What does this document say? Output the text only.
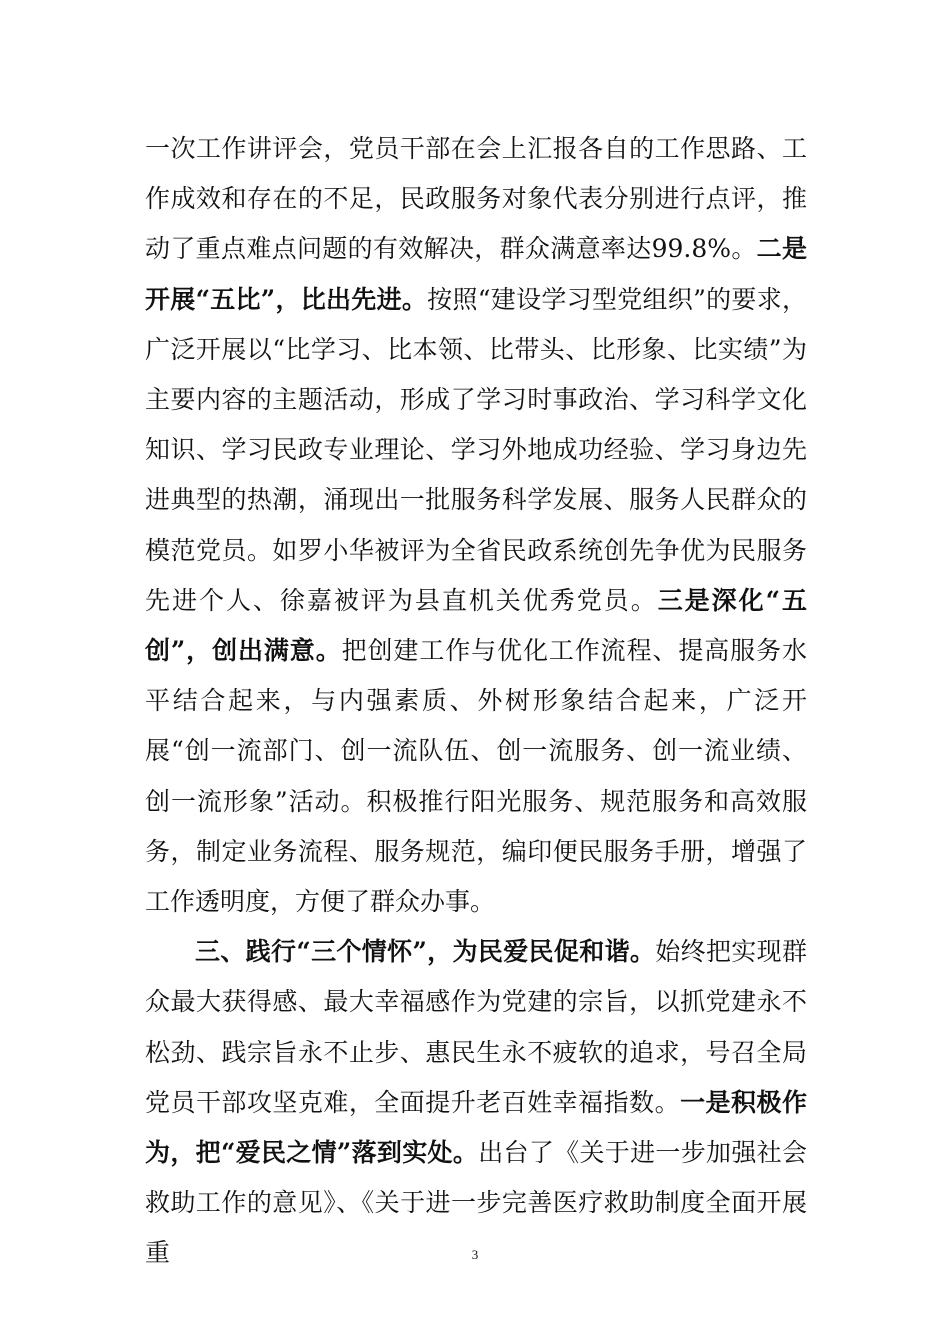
一次工作讲评会，党员干部在会上汇报各自的工作思路、工作成效和存在的不足，民政服务对象代表分别进行点评，推动了重点难点问题的有效解决，群众满意率达99.8%。二是开展“五比”，比出先进。按照“建设学习型党组织”的要求，广泛开展以“比学习、比本领、比带头、比形象、比实绩”为主要内容的主题活动，形成了学习时事政治、学习科学文化知识、学习民政专业理论、学习外地成功经验、学习身边先进典型的热潮，涌现出一批服务科学发展、服务人民群众的模范党员。如罗小华被评为全省民政系统创先争优为民服务先进个人、徐嘉被评为县直机关优秀党员。三是深化“五创”，创出满意。把创建工作与优化工作流程、提高服务水平结合起来，与内强素质、外树形象结合起来，广泛开展“创一流部门、创一流队伍、创一流服务、创一流业绩、创一流形象”活动。积极推行阳光服务、规范服务和高效服务，制定业务流程、服务规范，编印便民服务手册，增强了工作透明度，方便了群众办事。

三、践行“三个情怀”，为民爱民促和谐。始终把实现群众最大获得感、最大幸福感作为党建的宗旨，以抓党建永不松劲、践宗旨永不止步、惠民生永不疲软的追求，号召全局党员干部攻坚克难，全面提升老百姓幸福指数。一是积极作为，把“爱民之情”落到实处。出台了《关于进一步加强社会救助工作的意见》、《关于进一步完善医疗救助制度全面开展重	3
